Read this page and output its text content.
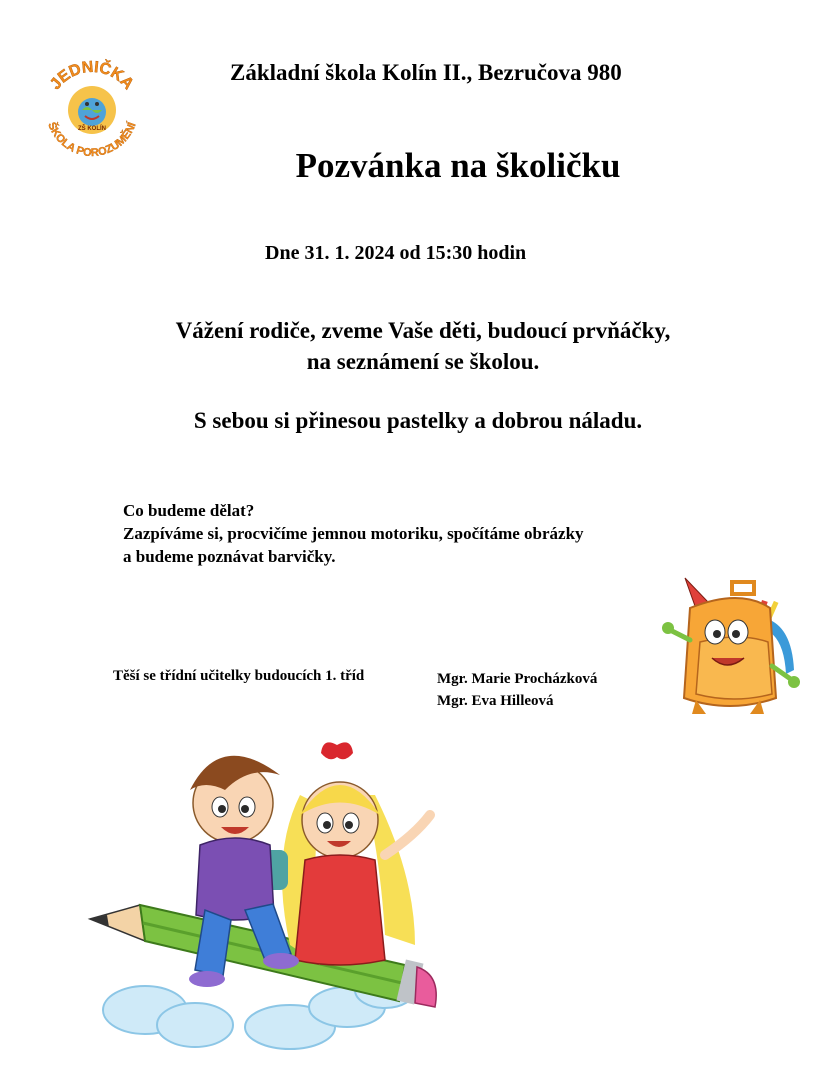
JEDNIČKA
ŠKOLA POROZUMĚNÍ
ZŠ KOLÍN
Základní škola Kolín II., Bezručova 980
Pozvánka na školičku
Dne 31. 1. 2024 od 15:30 hodin
Vážení rodiče, zveme Vaše děti, budoucí prvňáčky,
na seznámení se školou.
S sebou si přinesou pastelky a dobrou náladu.
Co budeme dělat?
Zazpíváme si, procvičíme jemnou motoriku, spočítáme obrázky
a budeme poznávat barvičky.
Těší se třídní učitelky budoucích 1. tříd	Mgr. Marie Procházková
Mgr. Eva Hilleová
